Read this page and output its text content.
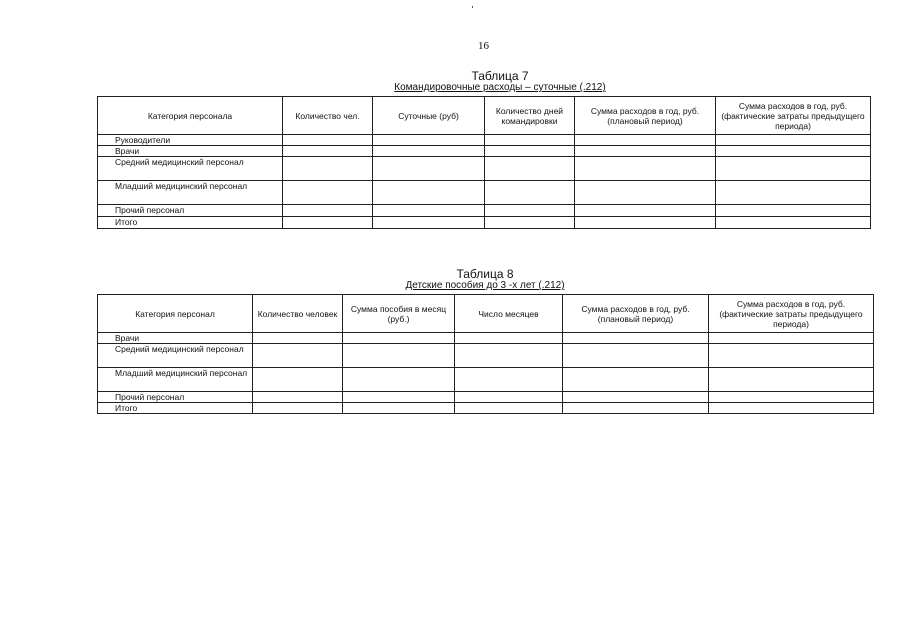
16
Таблица 7
Командировочные расходы – суточные (.212)
Категория персонала	Количество чел.	Суточные (руб)	Количество дней командировки	Сумма расходов в год, руб. (плановый период)	Сумма расходов в год, руб. (фактические затраты предыдущего периода)
Руководители					
Врачи					
Средний медицинский персонал					
Младший медицинский персонал					
Прочий персонал					
Итого					
Таблица 8
Детские пособия до 3 -х лет (.212)
Категория персонал	Количество человек	Сумма пособия в месяц (руб.)	Число месяцев	Сумма расходов в год, руб. (плановый период)	Сумма расходов в год, руб. (фактические затраты предыдущего периода)
Врачи					
Средний медицинский персонал					
Младший медицинский персонал					
Прочий персонал					
Итого					
